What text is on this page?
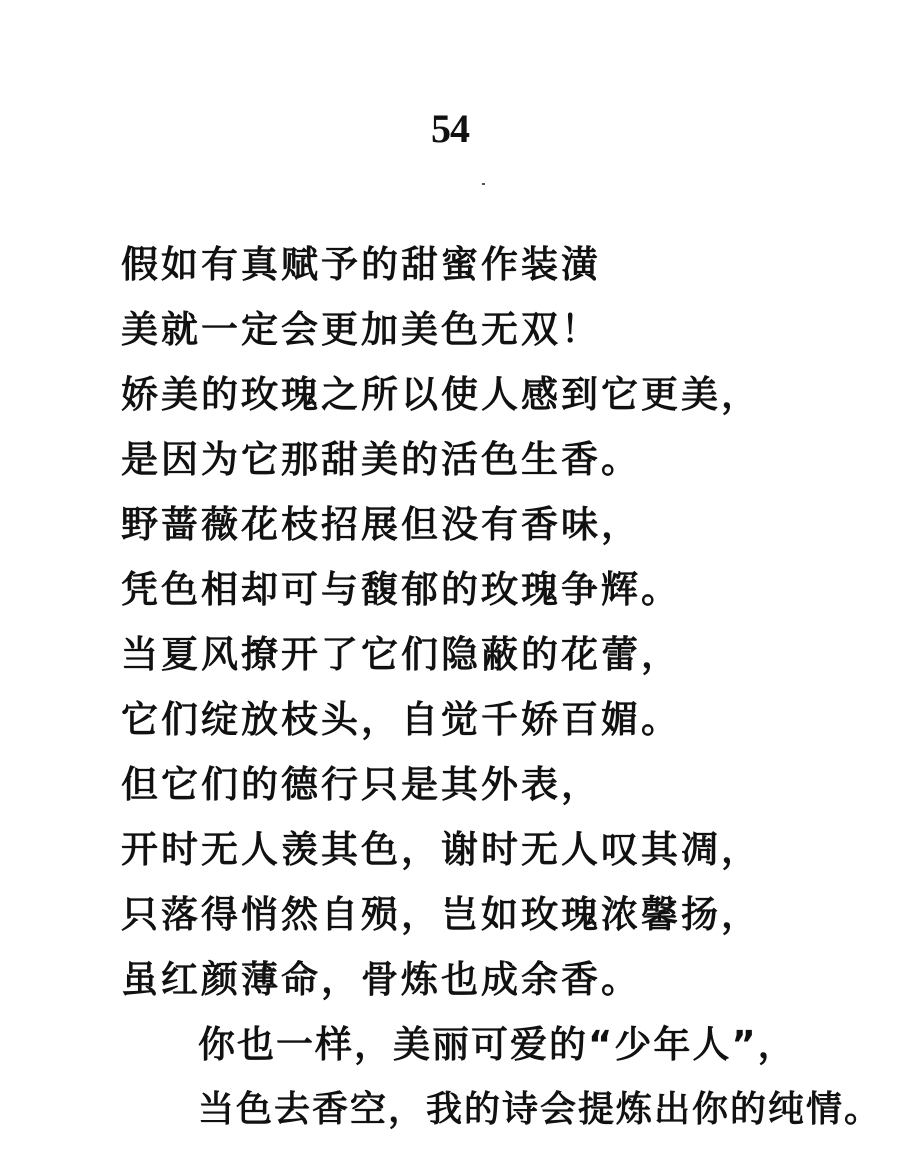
54
假如有真赋予的甜蜜作装潢
美就一定会更加美色无双！
娇美的玫瑰之所以使人感到它更美，
是因为它那甜美的活色生香。
野蔷薇花枝招展但没有香味，
凭色相却可与馥郁的玫瑰争辉。
当夏风撩开了它们隐蔽的花蕾，
它们绽放枝头，自觉千娇百媚。
但它们的德行只是其外表，
开时无人羡其色，谢时无人叹其凋，
只落得悄然自殒，岂如玫瑰浓馨扬，
虽红颜薄命，骨炼也成余香。
你也一样，美丽可爱的“少年人”，
当色去香空，我的诗会提炼出你的纯情。
